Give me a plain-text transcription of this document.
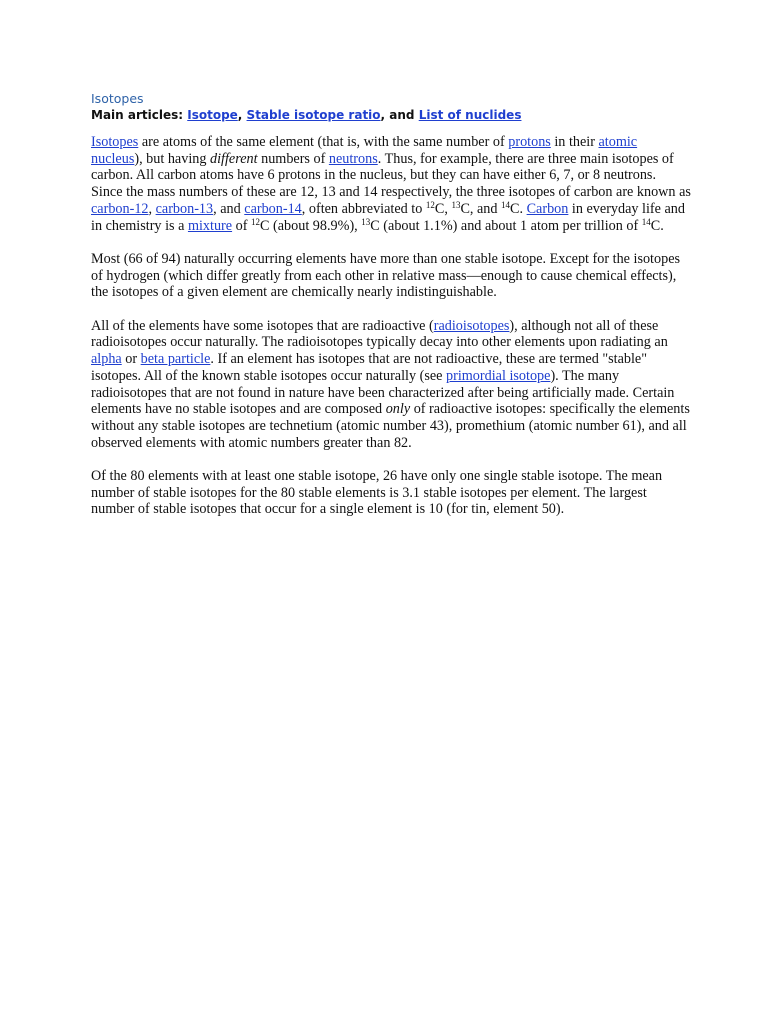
Isotopes
Main articles: Isotope, Stable isotope ratio, and List of nuclides

Isotopes are atoms of the same element (that is, with the same number of protons in their atomic nucleus), but having different numbers of neutrons. Thus, for example, there are three main isotopes of carbon. All carbon atoms have 6 protons in the nucleus, but they can have either 6, 7, or 8 neutrons. Since the mass numbers of these are 12, 13 and 14 respectively, the three isotopes of carbon are known as carbon-12, carbon-13, and carbon-14, often abbreviated to $^{12}$C, $^{13}$C, and $^{14}$C. Carbon in everyday life and in chemistry is a mixture of $^{12}$C (about 98.9%), $^{13}$C (about 1.1%) and about 1 atom per trillion of $^{14}$C.

Most (66 of 94) naturally occurring elements have more than one stable isotope. Except for the isotopes of hydrogen (which differ greatly from each other in relative mass—enough to cause chemical effects), the isotopes of a given element are chemically nearly indistinguishable.

All of the elements have some isotopes that are radioactive (radioisotopes), although not all of these radioisotopes occur naturally. The radioisotopes typically decay into other elements upon radiating an alpha or beta particle. If an element has isotopes that are not radioactive, these are termed "stable" isotopes. All of the known stable isotopes occur naturally (see primordial isotope). The many radioisotopes that are not found in nature have been characterized after being artificially made. Certain elements have no stable isotopes and are composed only of radioactive isotopes: specifically the elements without any stable isotopes are technetium (atomic number 43), promethium (atomic number 61), and all observed elements with atomic numbers greater than 82.

Of the 80 elements with at least one stable isotope, 26 have only one single stable isotope. The mean number of stable isotopes for the 80 stable elements is 3.1 stable isotopes per element. The largest number of stable isotopes that occur for a single element is 10 (for tin, element 50).
